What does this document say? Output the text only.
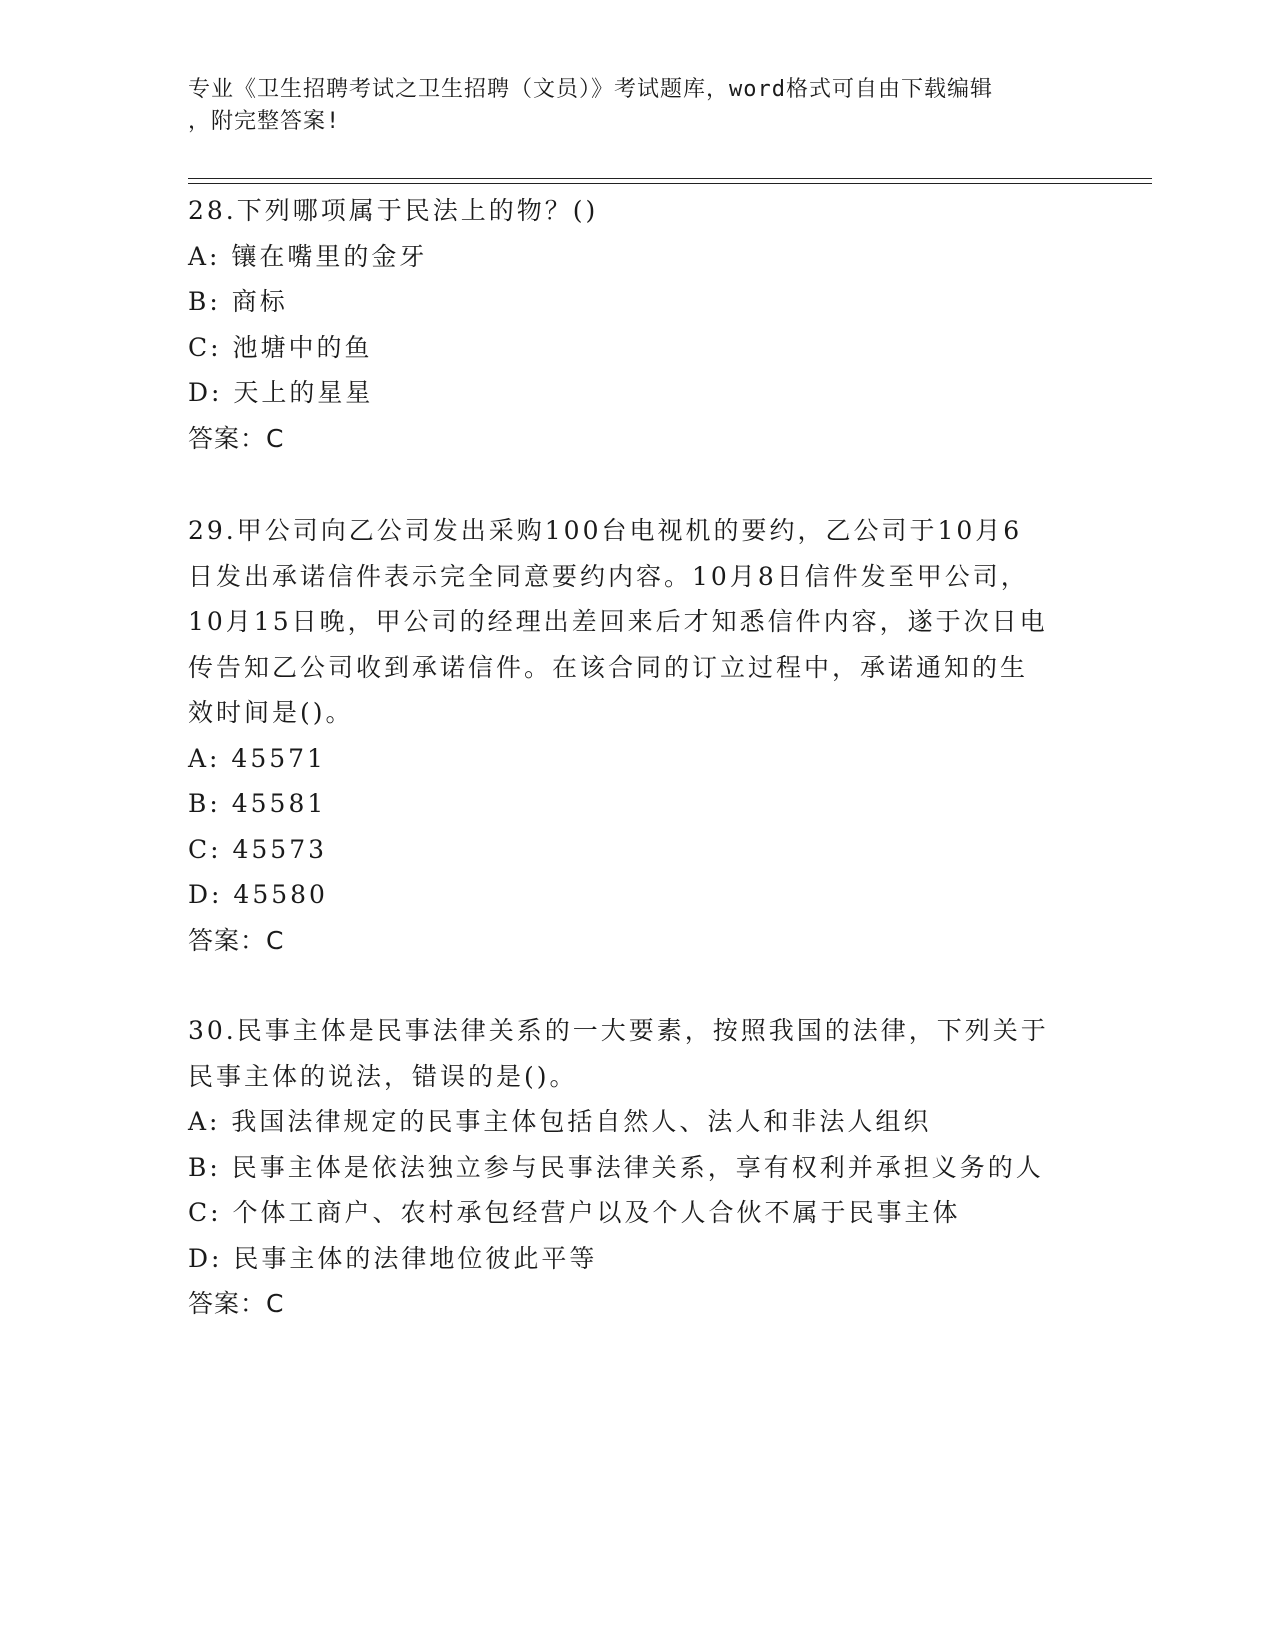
专业《卫生招聘考试之卫生招聘（文员）》考试题库，word格式可自由下载编辑
，附完整答案!
28.下列哪项属于民法上的物？()
A: 镶在嘴里的金牙
B: 商标
C: 池塘中的鱼
D: 天上的星星
答案：C
29.甲公司向乙公司发出采购100台电视机的要约，乙公司于10月6
日发出承诺信件表示完全同意要约内容。10月8日信件发至甲公司，
10月15日晚，甲公司的经理出差回来后才知悉信件内容，遂于次日电
传告知乙公司收到承诺信件。在该合同的订立过程中，承诺通知的生
效时间是()。
A: 45571
B: 45581
C: 45573
D: 45580
答案：C
30.民事主体是民事法律关系的一大要素，按照我国的法律，下列关于
民事主体的说法，错误的是()。
A: 我国法律规定的民事主体包括自然人、法人和非法人组织
B: 民事主体是依法独立参与民事法律关系，享有权利并承担义务的人
C: 个体工商户、农村承包经营户以及个人合伙不属于民事主体
D: 民事主体的法律地位彼此平等
答案：C
